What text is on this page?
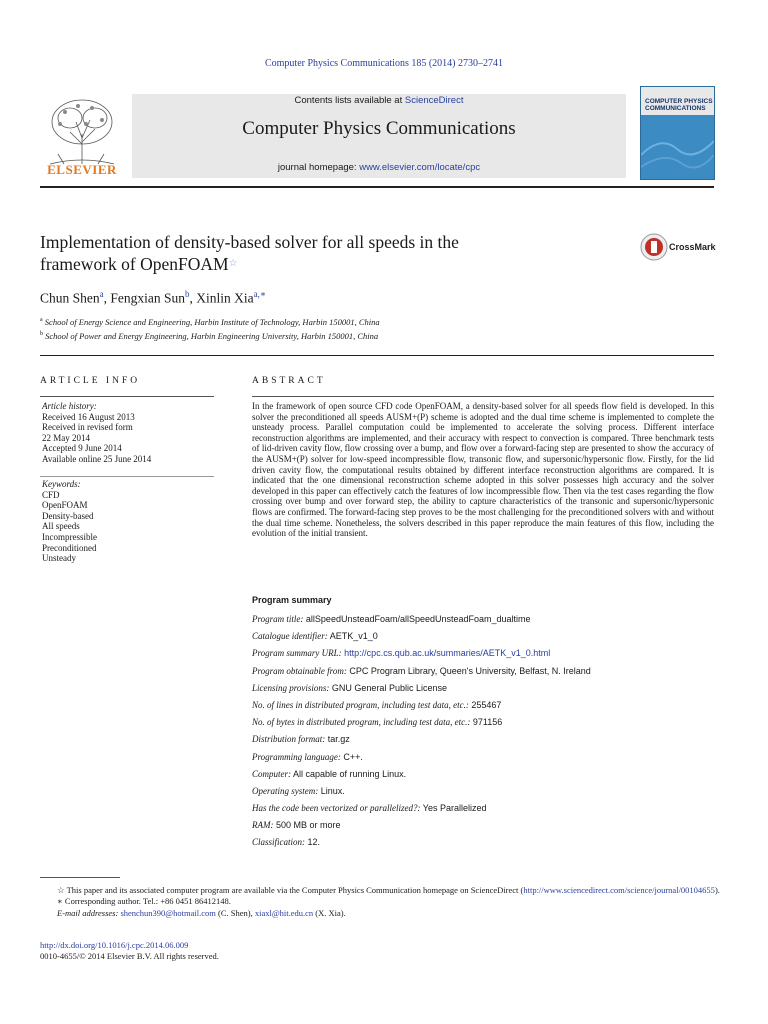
Computer Physics Communications 185 (2014) 2730–2741
ELSEVIER
Contents lists available at ScienceDirect
Computer Physics Communications
journal homepage: www.elsevier.com/locate/cpc
COMPUTER PHYSICS
COMMUNICATIONS
Implementation of density-based solver for all speeds in the
framework of OpenFOAM☆
CrossMark
Chun Shen$^a$, Fengxian Sun$^b$, Xinlin Xia$^{a,∗}$
$^a$ School of Energy Science and Engineering, Harbin Institute of Technology, Harbin 150001, China
$^b$ School of Power and Energy Engineering, Harbin Engineering University, Harbin 150001, China
ARTICLE INFO	ABSTRACT
Article history:
Received 16 August 2013
Received in revised form
22 May 2014
Accepted 9 June 2014
Available online 25 June 2014
Keywords:
CFD
OpenFOAM
Density-based
All speeds
Incompressible
Preconditioned
Unsteady
In the framework of open source CFD code OpenFOAM, a density-based solver for all speeds flow field is developed. In this solver the preconditioned all speeds AUSM+(P) scheme is adopted and the dual time scheme is implemented to complete the unsteady process. Parallel computation could be implemented to accelerate the solving process. Different interface reconstruction algorithms are implemented, and their accuracy with respect to convection is compared. Three benchmark tests of lid-driven cavity flow, flow crossing over a bump, and flow over a forward-facing step are presented to show the accuracy of the AUSM+(P) solver for low-speed incompressible flow, transonic flow, and supersonic/hypersonic flow. Firstly, for the lid driven cavity flow, the computational results obtained by different interface reconstruction algorithms are compared. It is indicated that the one dimensional reconstruction scheme adopted in this solver possesses high accuracy and the solver developed in this paper can effectively catch the features of low incompressible flow. Then via the test cases regarding the flow crossing over bump and over forward step, the ability to capture characteristics of the transonic and supersonic/hypersonic flows are confirmed. The forward-facing step proves to be the most challenging for the preconditioned solvers with and without the dual time scheme. Nonetheless, the solvers described in this paper reproduce the main features of this flow, including the evolution of the initial transient.
Program summary
Program title: allSpeedUnsteadFoam/allSpeedUnsteadFoam_dualtime
Catalogue identifier: AETK_v1_0
Program summary URL: http://cpc.cs.qub.ac.uk/summaries/AETK_v1_0.html
Program obtainable from: CPC Program Library, Queen's University, Belfast, N. Ireland
Licensing provisions: GNU General Public License
No. of lines in distributed program, including test data, etc.: 255467
No. of bytes in distributed program, including test data, etc.: 971156
Distribution format: tar.gz
Programming language: C++.
Computer: All capable of running Linux.
Operating system: Linux.
Has the code been vectorized or parallelized?: Yes Parallelized
RAM: 500 MB or more
Classification: 12.
☆ This paper and its associated computer program are available via the Computer Physics Communication homepage on ScienceDirect (http://www.sciencedirect.com/science/journal/00104655).
∗ Corresponding author. Tel.: +86 0451 86412148.
E-mail addresses: shenchun390@hotmail.com (C. Shen), xiaxl@hit.edu.cn (X. Xia).
http://dx.doi.org/10.1016/j.cpc.2014.06.009
0010-4655/© 2014 Elsevier B.V. All rights reserved.
